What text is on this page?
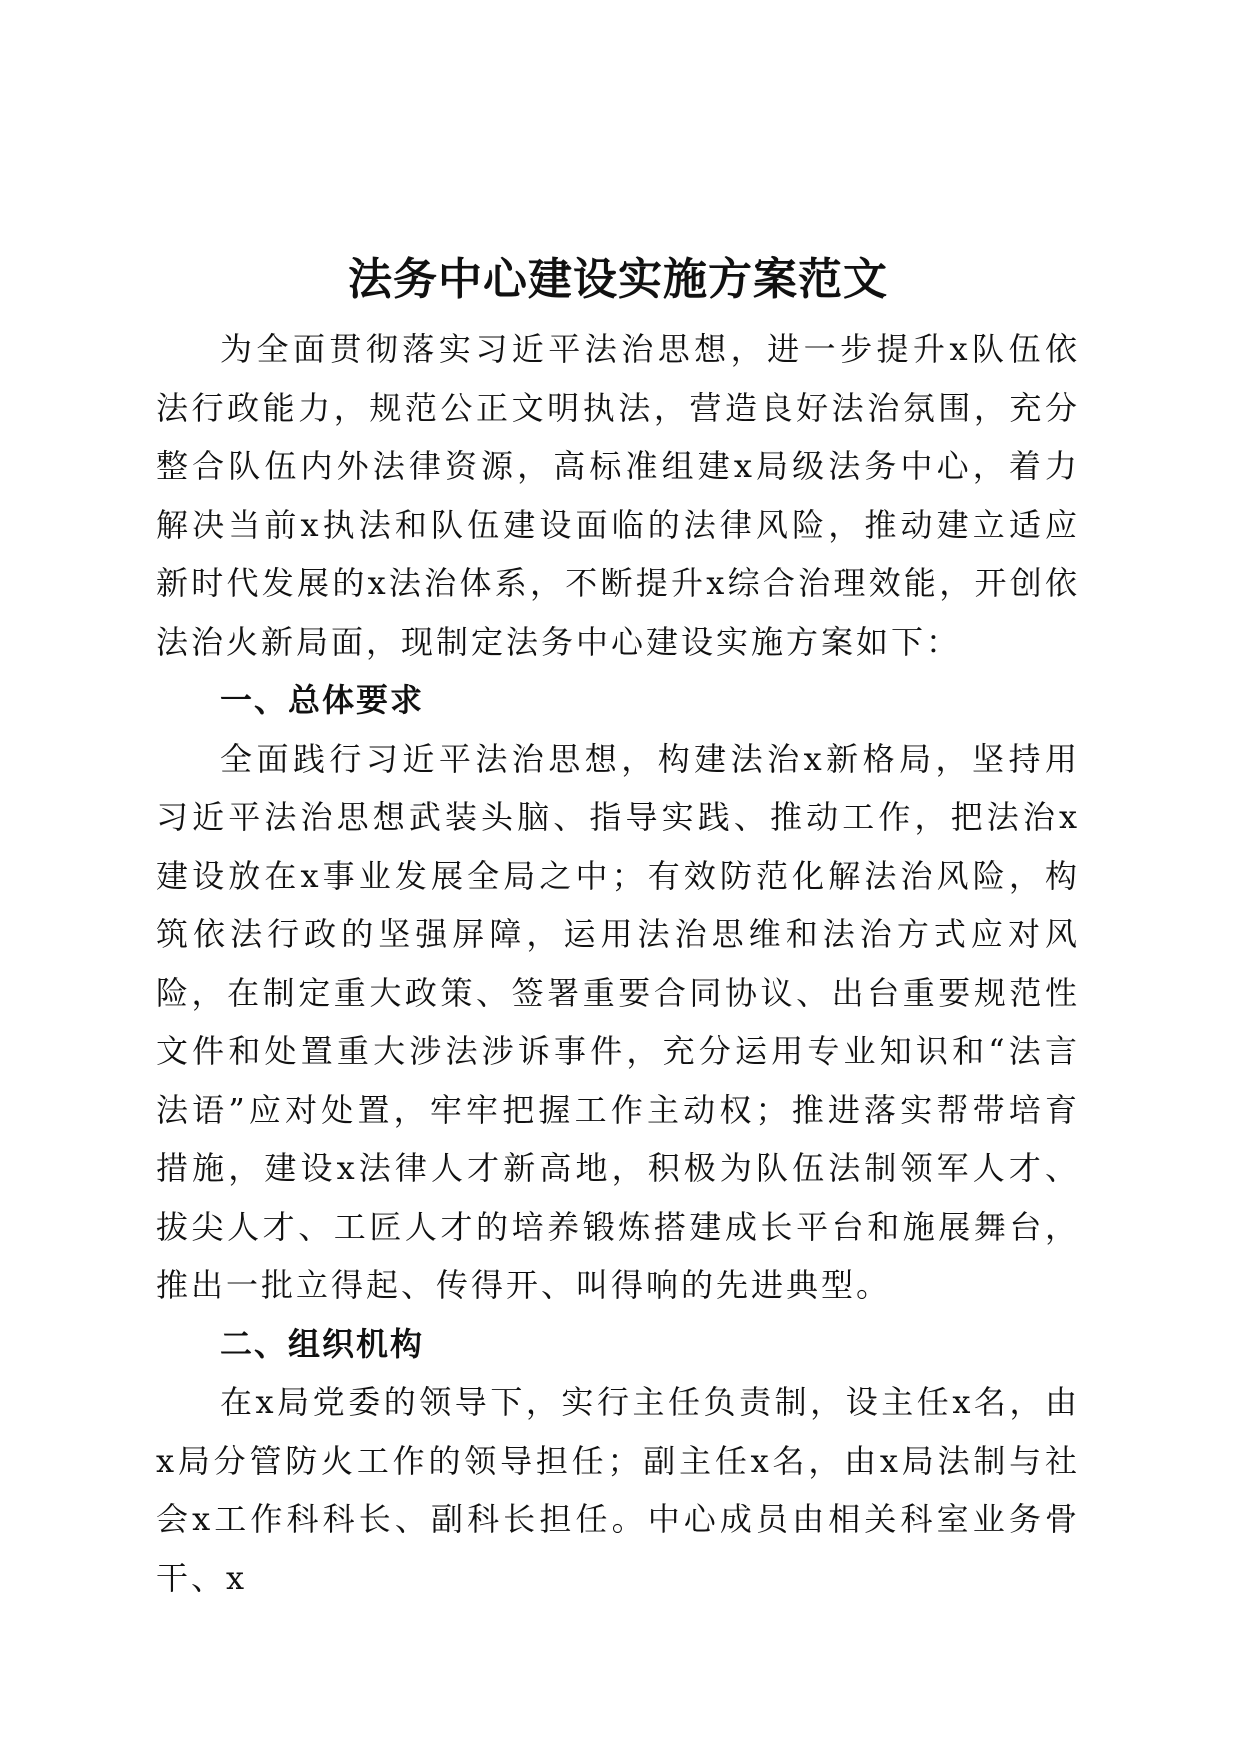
法务中心建设实施方案范文

为全面贯彻落实习近平法治思想，进一步提升x队伍依法行政能力，规范公正文明执法，营造良好法治氛围，充分整合队伍内外法律资源，高标准组建x局级法务中心，着力解决当前x执法和队伍建设面临的法律风险，推动建立适应新时代发展的x法治体系，不断提升x综合治理效能，开创依法治火新局面，现制定法务中心建设实施方案如下：

一、总体要求

全面践行习近平法治思想，构建法治x新格局，坚持用习近平法治思想武装头脑、指导实践、推动工作，把法治x建设放在x事业发展全局之中；有效防范化解法治风险，构筑依法行政的坚强屏障，运用法治思维和法治方式应对风险，在制定重大政策、签署重要合同协议、出台重要规范性文件和处置重大涉法涉诉事件，充分运用专业知识和“法言法语”应对处置，牢牢把握工作主动权；推进落实帮带培育措施，建设x法律人才新高地，积极为队伍法制领军人才、拔尖人才、工匠人才的培养锻炼搭建成长平台和施展舞台，推出一批立得起、传得开、叫得响的先进典型。

二、组织机构

在x局党委的领导下，实行主任负责制，设主任x名，由x局分管防火工作的领导担任；副主任x名，由x局法制与社会x工作科科长、副科长担任。中心成员由相关科室业务骨干、x
